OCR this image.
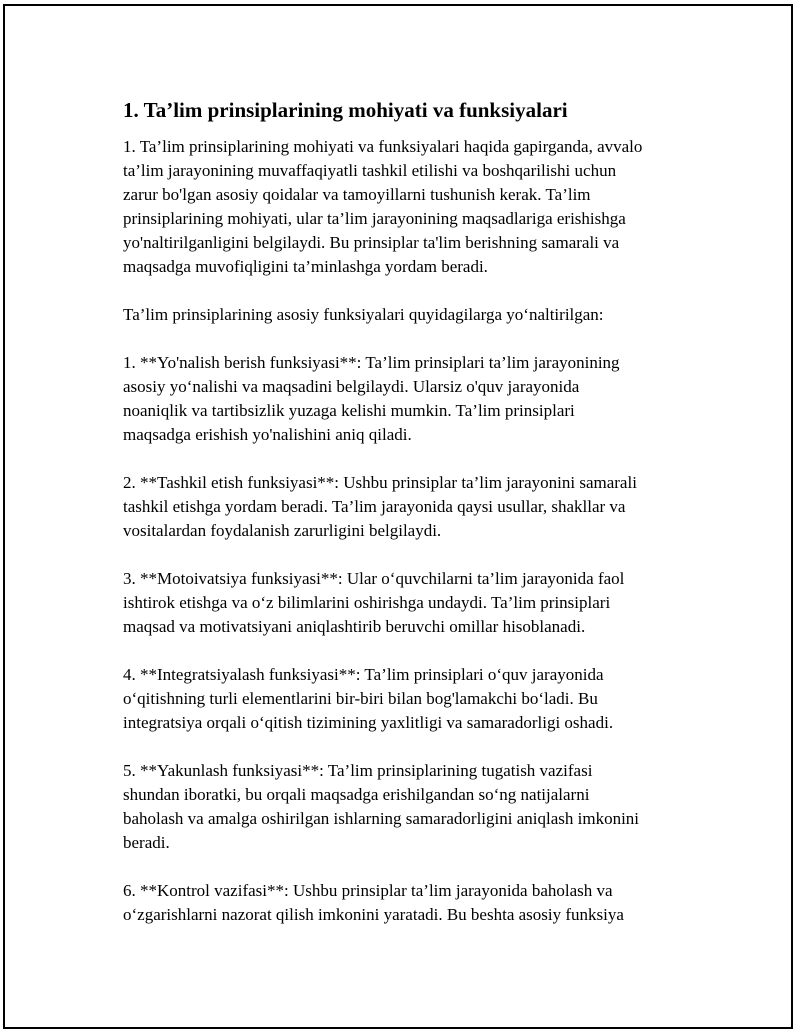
1. Ta’lim prinsiplarining mohiyati va funksiyalari
1. Ta’lim prinsiplarining mohiyati va funksiyalari haqida gapirganda, avvalo
ta’lim jarayonining muvaffaqiyatli tashkil etilishi va boshqarilishi uchun
zarur bo'lgan asosiy qoidalar va tamoyillarni tushunish kerak. Ta’lim
prinsiplarining mohiyati, ular ta’lim jarayonining maqsadlariga erishishga
yo'naltirilganligini belgilaydi. Bu prinsiplar ta'lim berishning samarali va
maqsadga muvofiqligini ta’minlashga yordam beradi.
Ta’lim prinsiplarining asosiy funksiyalari quyidagilarga yo‘naltirilgan:
1. **Yo'nalish berish funksiyasi**: Ta’lim prinsiplari ta’lim jarayonining
asosiy yo‘nalishi va maqsadini belgilaydi. Ularsiz o'quv jarayonida
noaniqlik va tartibsizlik yuzaga kelishi mumkin. Ta’lim prinsiplari
maqsadga erishish yo'nalishini aniq qiladi.
2. **Tashkil etish funksiyasi**: Ushbu prinsiplar ta’lim jarayonini samarali
tashkil etishga yordam beradi. Ta’lim jarayonida qaysi usullar, shakllar va
vositalardan foydalanish zarurligini belgilaydi.
3. **Motoivatsiya funksiyasi**: Ular o‘quvchilarni ta’lim jarayonida faol
ishtirok etishga va o‘z bilimlarini oshirishga undaydi. Ta’lim prinsiplari
maqsad va motivatsiyani aniqlashtirib beruvchi omillar hisoblanadi.
4. **Integratsiyalash funksiyasi**: Ta’lim prinsiplari o‘quv jarayonida
o‘qitishning turli elementlarini bir-biri bilan bog'lamakchi bo‘ladi. Bu
integratsiya orqali o‘qitish tizimining yaxlitligi va samaradorligi oshadi.
5. **Yakunlash funksiyasi**: Ta’lim prinsiplarining tugatish vazifasi
shundan iboratki, bu orqali maqsadga erishilgandan so‘ng natijalarni
baholash va amalga oshirilgan ishlarning samaradorligini aniqlash imkonini
beradi.
6. **Kontrol vazifasi**: Ushbu prinsiplar ta’lim jarayonida baholash va
o‘zgarishlarni nazorat qilish imkonini yaratadi. Bu beshta asosiy funksiya
